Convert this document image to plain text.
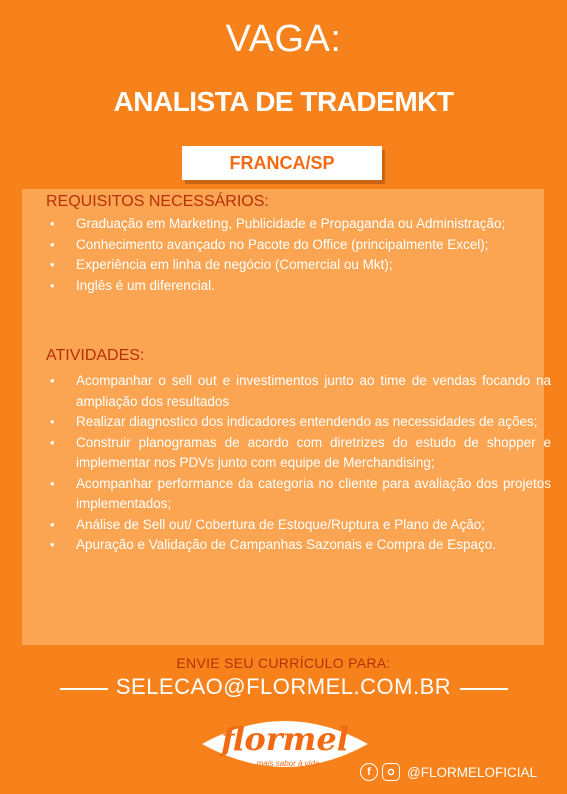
VAGA:
ANALISTA DE TRADEMKT
FRANCA/SP
REQUISITOS NECESSÁRIOS:
• Graduação em Marketing, Publicidade e Propaganda ou Administração;
• Conhecimento avançado no Pacote do Office (principalmente Excel);
• Experiência em linha de negócio (Comercial ou Mkt);
• Inglês é um diferencial.
ATIVIDADES:
• Acompanhar o sell out e investimentos junto ao time de vendas focando na ampliação dos resultados
• Realizar diagnostico dos indicadores entendendo as necessidades de ações;
• Construir planogramas de acordo com diretrizes do estudo de shopper e implementar nos PDVs junto com equipe de Merchandising;
• Acompanhar performance da categoria no cliente para avaliação dos projetos implementados;
• Análise de Sell out/ Cobertura de Estoque/Ruptura e Plano de Ação;
• Apuração e Validação de Campanhas Sazonais e Compra de Espaço.
ENVIE SEU CURRÍCULO PARA:
SELECAO@FLORMEL.COM.BR
flormel
mais sabor à vida
f	@FLORMELOFICIAL
